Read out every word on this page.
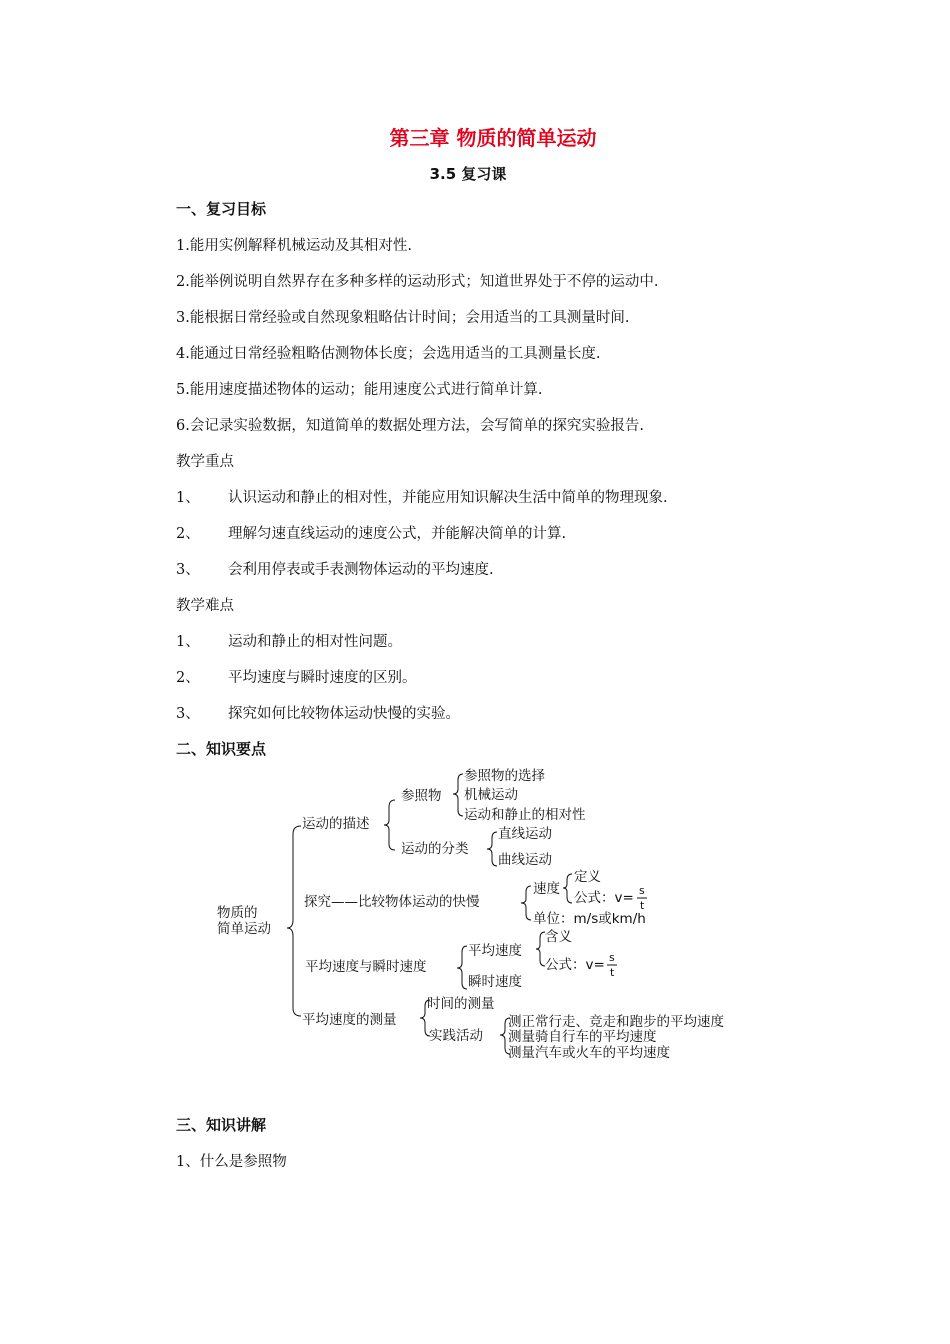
第三章 物质的简单运动
3.5 复习课
一、复习目标
1.能用实例解释机械运动及其相对性.
2.能举例说明自然界存在多种多样的运动形式；知道世界处于不停的运动中.
3.能根据日常经验或自然现象粗略估计时间；会用适当的工具测量时间.
4.能通过日常经验粗略估测物体长度；会选用适当的工具测量长度.
5.能用速度描述物体的运动；能用速度公式进行简单计算.
6.会记录实验数据，知道简单的数据处理方法，会写简单的探究实验报告.
教学重点
1、 认识运动和静止的相对性，并能应用知识解决生活中简单的物理现象.
2、 理解匀速直线运动的速度公式，并能解决简单的计算.
3、 会利用停表或手表测物体运动的平均速度.
教学难点
1、 运动和静止的相对性问题。
2、 平均速度与瞬时速度的区别。
3、 探究如何比较物体运动快慢的实验。
二、知识要点
物质的
简单运动
运动的描述
参照物
参照物的选择
机械运动
运动和静止的相对性
运动的分类
直线运动
曲线运动
探究——比较物体运动的快慢
速度
定义
公式：v= s
t
单位：m/s或km/h
平均速度与瞬时速度
平均速度
含义
公式：v= s
t
瞬时速度
平均速度的测量
时间的测量
实践活动
测正常行走、竞走和跑步的平均速度
测量骑自行车的平均速度
测量汽车或火车的平均速度
三、知识讲解
1、什么是参照物
